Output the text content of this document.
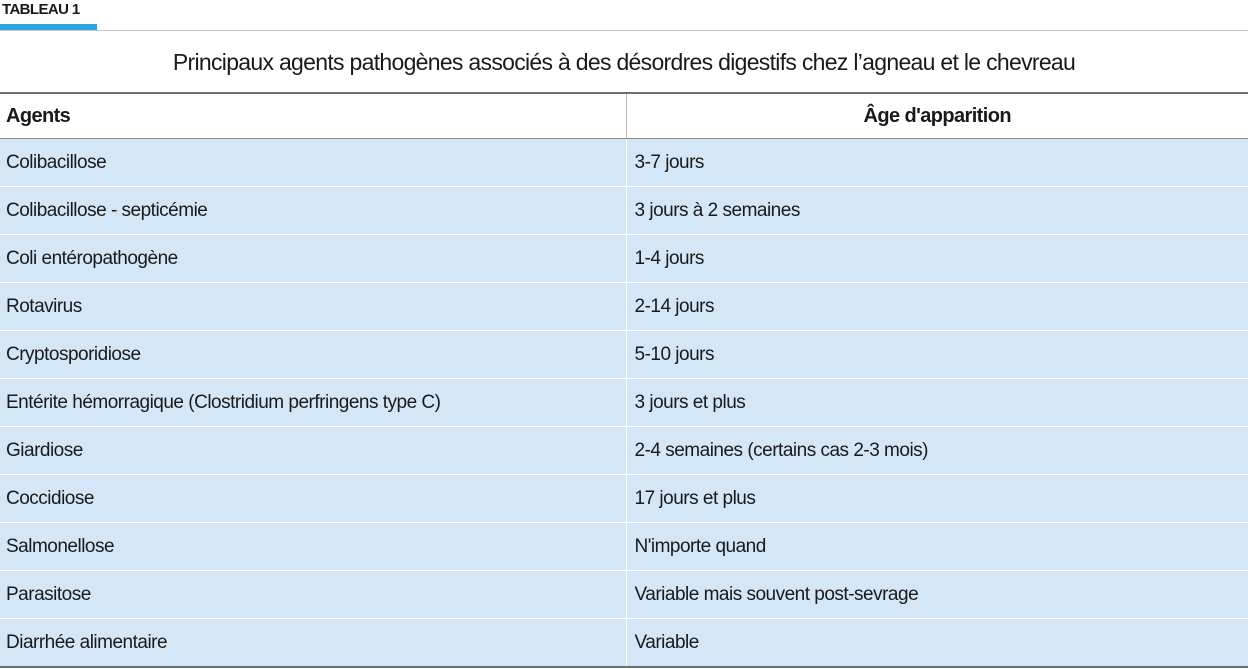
TABLEAU 1
Principaux agents pathogènes associés à des désordres digestifs chez l’agneau et le chevreau
Agents	Âge d'apparition
Colibacillose	3-7 jours
Colibacillose - septicémie	3 jours à 2 semaines
Coli entéropathogène	1-4 jours
Rotavirus	2-14 jours
Cryptosporidiose	5-10 jours
Entérite hémorragique (Clostridium perfringens type C)	3 jours et plus
Giardiose	2-4 semaines (certains cas 2-3 mois)
Coccidiose	17 jours et plus
Salmonellose	N'importe quand
Parasitose	Variable mais souvent post-sevrage
Diarrhée alimentaire	Variable
